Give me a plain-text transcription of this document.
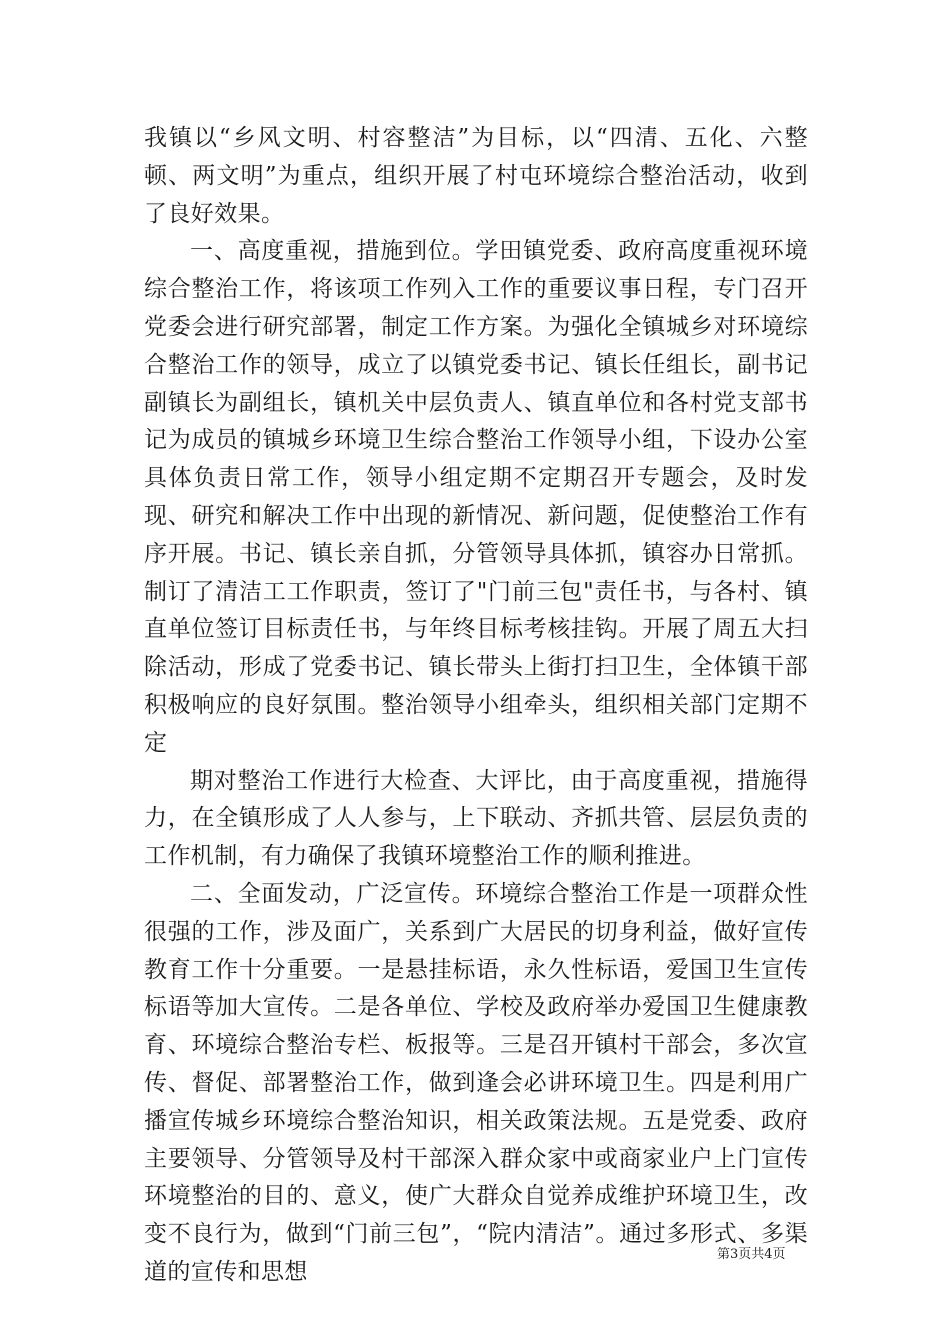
我镇以“乡风文明、村容整洁”为目标，以“四清、五化、六整顿、两文明”为重点，组织开展了村屯环境综合整治活动，收到了良好效果。

一、高度重视，措施到位。学田镇党委、政府高度重视环境综合整治工作，将该项工作列入工作的重要议事日程，专门召开党委会进行研究部署，制定工作方案。为强化全镇城乡对环境综合整治工作的领导，成立了以镇党委书记、镇长任组长，副书记副镇长为副组长，镇机关中层负责人、镇直单位和各村党支部书记为成员的镇城乡环境卫生综合整治工作领导小组，下设办公室具体负责日常工作，领导小组定期不定期召开专题会，及时发现、研究和解决工作中出现的新情况、新问题，促使整治工作有序开展。书记、镇长亲自抓，分管领导具体抓，镇容办日常抓。制订了清洁工工作职责，签订了"门前三包"责任书，与各村、镇直单位签订目标责任书，与年终目标考核挂钩。开展了周五大扫除活动，形成了党委书记、镇长带头上街打扫卫生，全体镇干部积极响应的良好氛围。整治领导小组牵头，组织相关部门定期不定

期对整治工作进行大检查、大评比，由于高度重视，措施得力，在全镇形成了人人参与，上下联动、齐抓共管、层层负责的工作机制，有力确保了我镇环境整治工作的顺利推进。

二、全面发动，广泛宣传。环境综合整治工作是一项群众性很强的工作，涉及面广，关系到广大居民的切身利益，做好宣传教育工作十分重要。一是悬挂标语，永久性标语，爱国卫生宣传标语等加大宣传。二是各单位、学校及政府举办爱国卫生健康教育、环境综合整治专栏、板报等。三是召开镇村干部会，多次宣传、督促、部署整治工作，做到逢会必讲环境卫生。四是利用广播宣传城乡环境综合整治知识，相关政策法规。五是党委、政府主要领导、分管领导及村干部深入群众家中或商家业户上门宣传环境整治的目的、意义，使广大群众自觉养成维护环境卫生，改变不良行为，做到“门前三包”，“院内清洁”。通过多形式、多渠道的宣传和思想

第3页共4页
